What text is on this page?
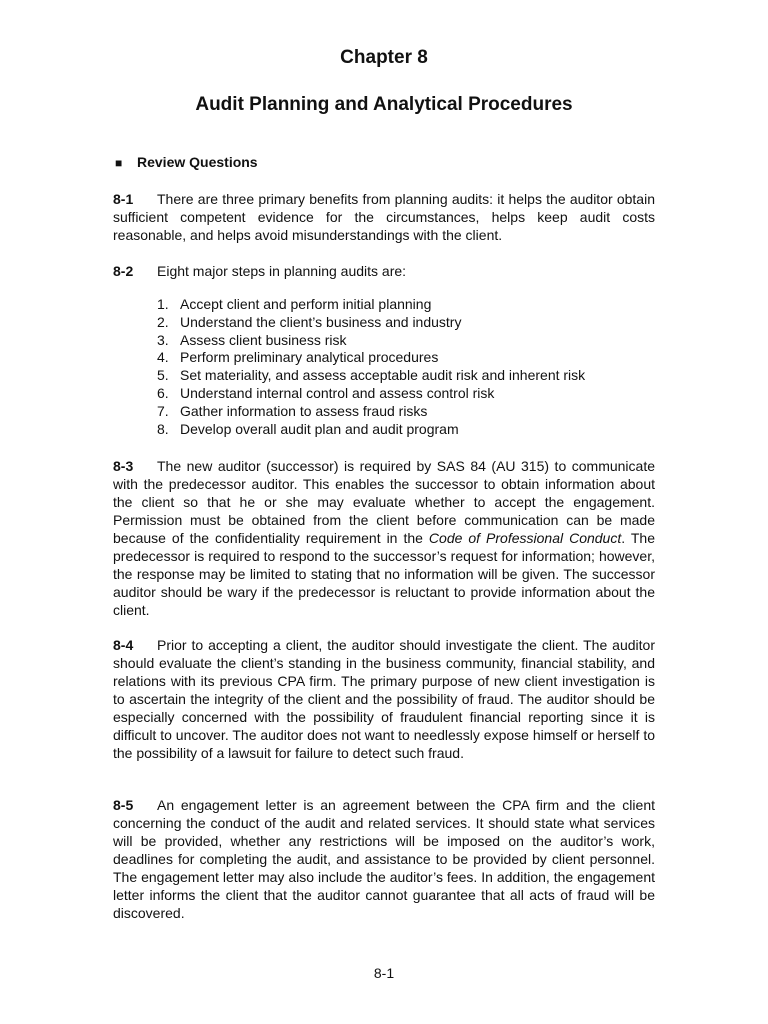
Chapter 8
Audit Planning and Analytical Procedures
■ Review Questions
8-1 There are three primary benefits from planning audits: it helps the auditor obtain sufficient competent evidence for the circumstances, helps keep audit costs reasonable, and helps avoid misunderstandings with the client.
8-2 Eight major steps in planning audits are:
1. Accept client and perform initial planning
2. Understand the client’s business and industry
3. Assess client business risk
4. Perform preliminary analytical procedures
5. Set materiality, and assess acceptable audit risk and inherent risk
6. Understand internal control and assess control risk
7. Gather information to assess fraud risks
8. Develop overall audit plan and audit program
8-3 The new auditor (successor) is required by SAS 84 (AU 315) to communicate with the predecessor auditor. This enables the successor to obtain information about the client so that he or she may evaluate whether to accept the engagement. Permission must be obtained from the client before communication can be made because of the confidentiality requirement in the Code of Professional Conduct. The predecessor is required to respond to the successor’s request for information; however, the response may be limited to stating that no information will be given. The successor auditor should be wary if the predecessor is reluctant to provide information about the client.
8-4 Prior to accepting a client, the auditor should investigate the client. The auditor should evaluate the client’s standing in the business community, financial stability, and relations with its previous CPA firm. The primary purpose of new client investigation is to ascertain the integrity of the client and the possibility of fraud. The auditor should be especially concerned with the possibility of fraudulent financial reporting since it is difficult to uncover. The auditor does not want to needlessly expose himself or herself to the possibility of a lawsuit for failure to detect such fraud.
8-5 An engagement letter is an agreement between the CPA firm and the client concerning the conduct of the audit and related services. It should state what services will be provided, whether any restrictions will be imposed on the auditor’s work, deadlines for completing the audit, and assistance to be provided by client personnel. The engagement letter may also include the auditor’s fees. In addition, the engagement letter informs the client that the auditor cannot guarantee that all acts of fraud will be discovered.
8-1
